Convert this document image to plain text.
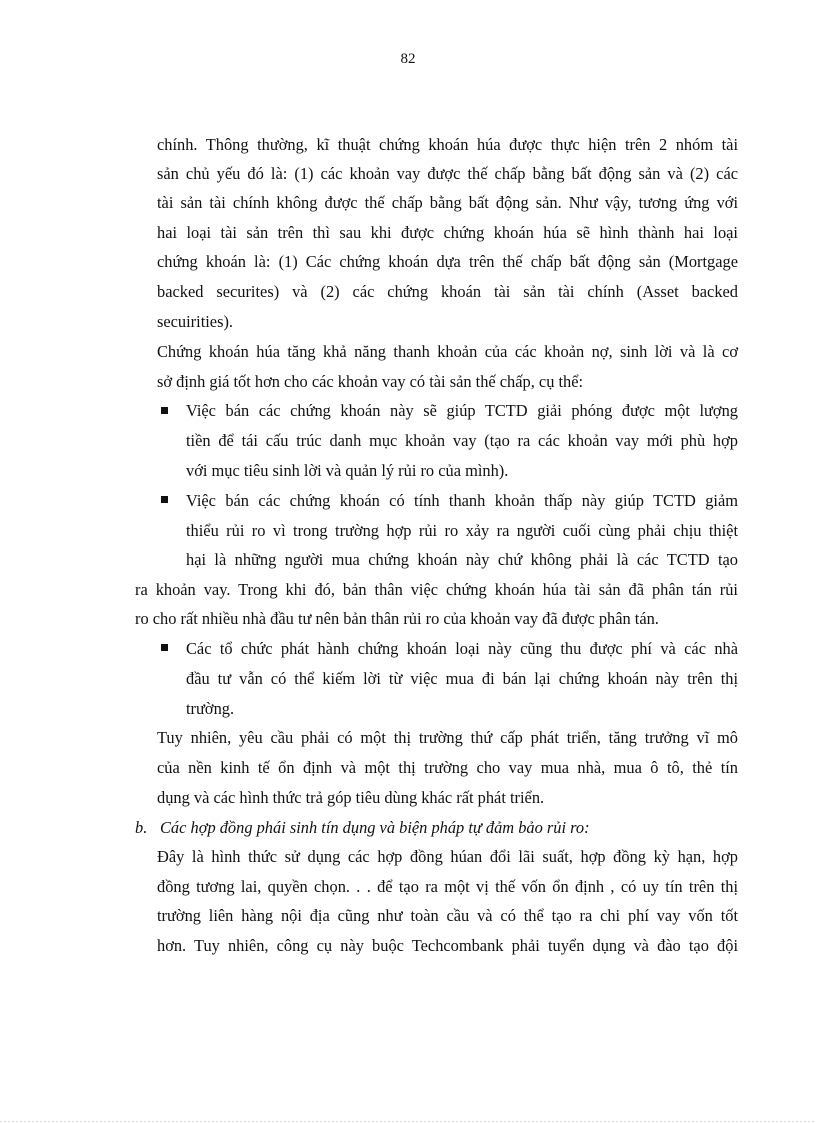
82
chính. Thông thường, kĩ thuật chứng khoán húa được thực hiện trên 2 nhóm tài
sản chủ yếu đó là: (1) các khoản vay được thế chấp bằng bất động sản và (2) các
tài sản tài chính không được thế chấp bằng bất động sản. Như vậy, tương ứng với
hai loại tài sản trên thì sau khi được chứng khoán húa sẽ hình thành hai loại
chứng khoán là: (1) Các chứng khoán dựa trên thế chấp bất động sản (Mortgage
backed securites) và (2) các chứng khoán tài sản tài chính (Asset backed
secuirities).
Chứng khoán húa tăng khả năng thanh khoản của các khoản nợ, sinh lời và là cơ
sở định giá tốt hơn cho các khoản vay có tài sản thế chấp, cụ thể:
Việc bán các chứng khoán này sẽ giúp TCTD giải phóng được một lượng
tiền để tái cấu trúc danh mục khoản vay (tạo ra các khoản vay mới phù hợp
với mục tiêu sinh lời và quản lý rủi ro của mình).
Việc bán các chứng khoán có tính thanh khoản thấp này giúp TCTD giảm
thiểu rủi ro vì trong trường hợp rủi ro xảy ra người cuối cùng phải chịu thiệt
hại là những người mua chứng khoán này chứ không phải là các TCTD tạo
ra khoản vay. Trong khi đó, bản thân việc chứng khoán húa tài sản đã phân tán rủi
ro cho rất nhiều nhà đầu tư nên bản thân rủi ro của khoản vay đã được phân tán.
Các tổ chức phát hành chứng khoán loại này cũng thu được phí và các nhà
đầu tư vẫn có thể kiếm lời từ việc mua đi bán lại chứng khoán này trên thị
trường.
Tuy nhiên, yêu cầu phải có một thị trường thứ cấp phát triển, tăng trưởng vĩ mô
của nền kinh tế ổn định và một thị trường cho vay mua nhà, mua ô tô, thẻ tín
dụng và các hình thức trả góp tiêu dùng khác rất phát triển.
b. Các hợp đồng phái sinh tín dụng và biện pháp tự đảm bảo rủi ro:
Đây là hình thức sử dụng các hợp đồng húan đổi lãi suất, hợp đồng kỳ hạn, hợp
đồng tương lai, quyền chọn. . . để tạo ra một vị thế vốn ổn định , có uy tín trên thị
trường liên hàng nội địa cũng như toàn cầu và có thể tạo ra chi phí vay vốn tốt
hơn. Tuy nhiên, công cụ này buộc Techcombank phải tuyển dụng và đào tạo đội
